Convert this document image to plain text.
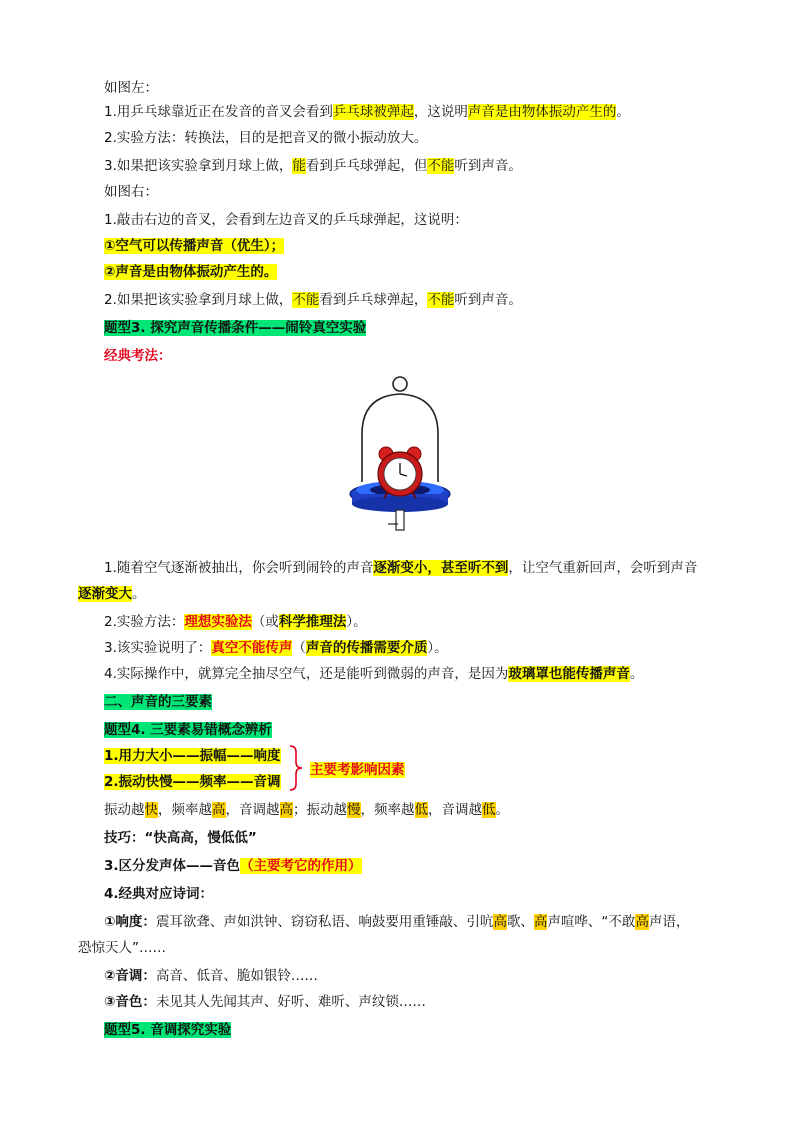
如图左：
1.用乒乓球靠近正在发音的音叉会看到乒乓球被弹起，这说明声音是由物体振动产生的。
2.实验方法：转换法，目的是把音叉的微小振动放大。
3.如果把该实验拿到月球上做，能看到乒乓球弹起，但不能听到声音。
如图右：
1.敲击右边的音叉，会看到左边音叉的乒乓球弹起，这说明：
①空气可以传播声音（优生）；
②声音是由物体振动产生的。
2.如果把该实验拿到月球上做，不能看到乒乓球弹起，不能听到声音。
题型3. 探究声音传播条件——闹铃真空实验
经典考法：
1.随着空气逐渐被抽出，你会听到闹铃的声音逐渐变小，甚至听不到，让空气重新回声，会听到声音
逐渐变大。
2.实验方法：理想实验法（或科学推理法）。
3.该实验说明了：真空不能传声（声音的传播需要介质）。
4.实际操作中，就算完全抽尽空气，还是能听到微弱的声音，是因为玻璃罩也能传播声音。
二、声音的三要素
题型4. 三要素易错概念辨析
1.用力大小——振幅——响度
2.振动快慢——频率——音调
主要考影响因素
振动越快，频率越高，音调越高；振动越慢，频率越低，音调越低。
技巧：“快高高，慢低低”
3.区分发声体——音色（主要考它的作用）
4.经典对应诗词：
①响度：震耳欲聋、声如洪钟、窃窃私语、响鼓要用重锤敲、引吭高歌、高声喧哗、“不敢高声语，
恐惊天人”……
②音调：高音、低音、脆如银铃……
③音色：未见其人先闻其声、好听、难听、声纹锁……
题型5. 音调探究实验
